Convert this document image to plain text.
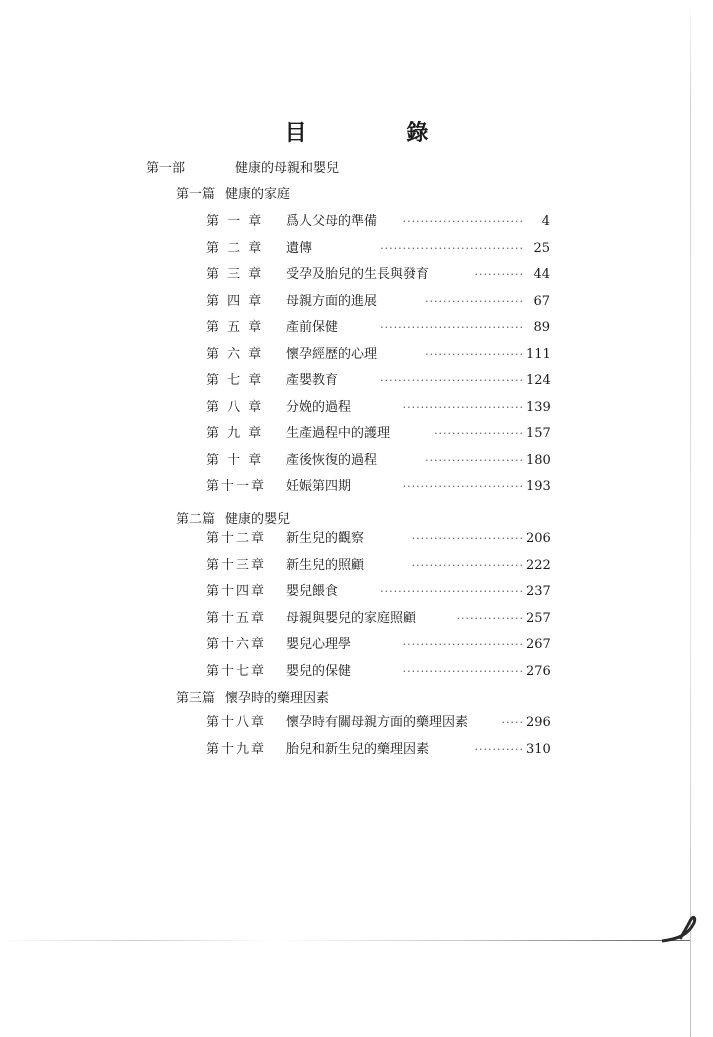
目 錄
第一部	健康的母親和嬰兒
第一篇 健康的家庭
第 一 章 爲人父母的準備 ···························	4
第 二 章 遺傳	································ 25
第 三 章 受孕及胎兒的生長與發育	··········· 44
第 四 章 母親方面的進展	······················ 67
第 五 章 產前保健	································ 89
第 六 章 懷孕經歷的心理	······················ 111
第 七 章 產嬰教育	································ 124
第 八 章 分娩的過程	··························· 139
第 九 章 生產過程中的護理	···················· 157
第 十 章 產後恢復的過程	······················ 180
第十一章 妊娠第四期	··························· 193
第二篇 健康的嬰兒
第十二章 新生兒的觀察	························· 206
第十三章 新生兒的照顧	························· 222
第十四章 嬰兒餵食	································ 237
第十五章 母親與嬰兒的家庭照顧	··············· 257
第十六章 嬰兒心理學	··························· 267
第十七章 嬰兒的保健	··························· 276
第三篇 懷孕時的藥理因素
第十八章 懷孕時有關母親方面的藥理因素	····· 296
第十九章 胎兒和新生兒的藥理因素	··········· 310
